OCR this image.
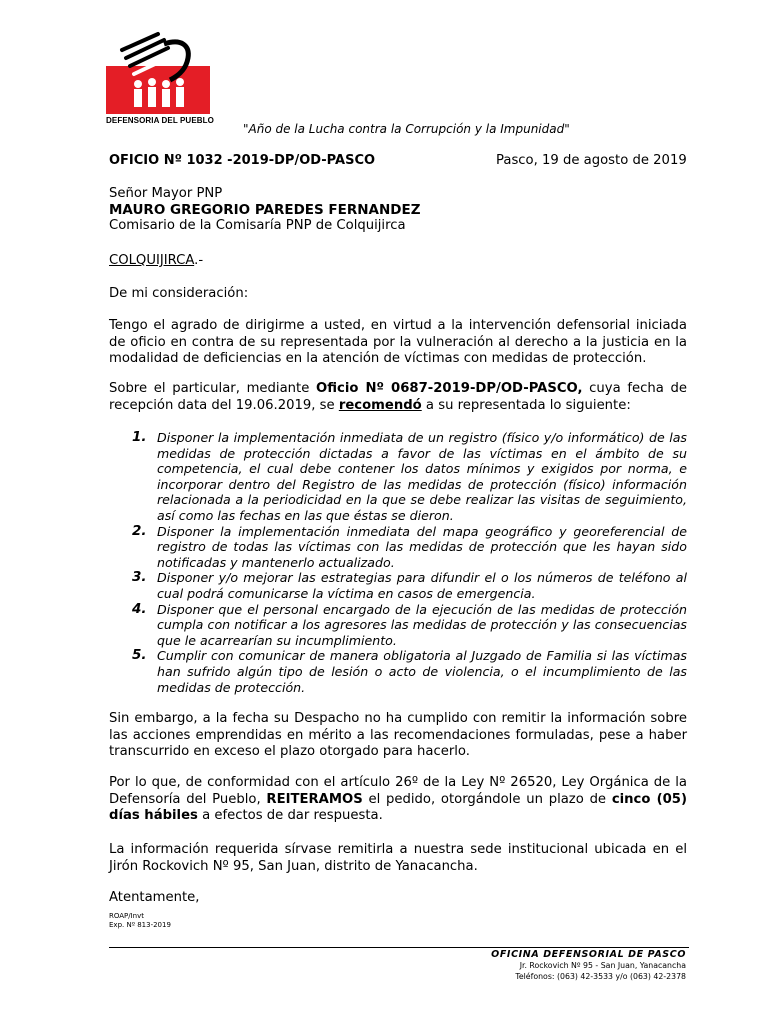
DEFENSORIA DEL PUEBLO
"Año de la Lucha contra la Corrupción y la Impunidad"
OFICIO Nº 1032 -2019-DP/OD-PASCO	Pasco, 19 de agosto de 2019
Señor Mayor PNP
MAURO GREGORIO PAREDES FERNANDEZ
Comisario de la Comisaría PNP de Colquijirca
COLQUIJIRCA.-
De mi consideración:
Tengo el agrado de dirigirme a usted, en virtud a la intervención defensorial iniciada de oficio en contra de su representada por la vulneración al derecho a la justicia en la modalidad de deficiencias en la atención de víctimas con medidas de protección.
Sobre el particular, mediante Oficio Nº 0687-2019-DP/OD-PASCO, cuya fecha de recepción data del 19.06.2019, se recomendó a su representada lo siguiente:
1. Disponer la implementación inmediata de un registro (físico y/o informático) de las medidas de protección dictadas a favor de las víctimas en el ámbito de su competencia, el cual debe contener los datos mínimos y exigidos por norma, e incorporar dentro del Registro de las medidas de protección (físico) información relacionada a la periodicidad en la que se debe realizar las visitas de seguimiento, así como las fechas en las que éstas se dieron.
2. Disponer la implementación inmediata del mapa geográfico y georeferencial de registro de todas las víctimas con las medidas de protección que les hayan sido notificadas y mantenerlo actualizado.
3. Disponer y/o mejorar las estrategias para difundir el o los números de teléfono al cual podrá comunicarse la víctima en casos de emergencia.
4. Disponer que el personal encargado de la ejecución de las medidas de protección cumpla con notificar a los agresores las medidas de protección y las consecuencias que le acarrearían su incumplimiento.
5. Cumplir con comunicar de manera obligatoria al Juzgado de Familia si las víctimas han sufrido algún tipo de lesión o acto de violencia, o el incumplimiento de las medidas de protección.
Sin embargo, a la fecha su Despacho no ha cumplido con remitir la información sobre las acciones emprendidas en mérito a las recomendaciones formuladas, pese a haber transcurrido en exceso el plazo otorgado para hacerlo.
Por lo que, de conformidad con el artículo 26º de la Ley Nº 26520, Ley Orgánica de la Defensoría del Pueblo, REITERAMOS el pedido, otorgándole un plazo de cinco (05) días hábiles a efectos de dar respuesta.
La información requerida sírvase remitirla a nuestra sede institucional ubicada en el Jirón Rockovich Nº 95, San Juan, distrito de Yanacancha.
Atentamente,
ROAP/Invt
Exp. Nº 813-2019
OFICINA DEFENSORIAL DE PASCO
Jr. Rockovich Nº 95 - San Juan, Yanacancha
Teléfonos: (063) 42-3533 y/o (063) 42-2378
